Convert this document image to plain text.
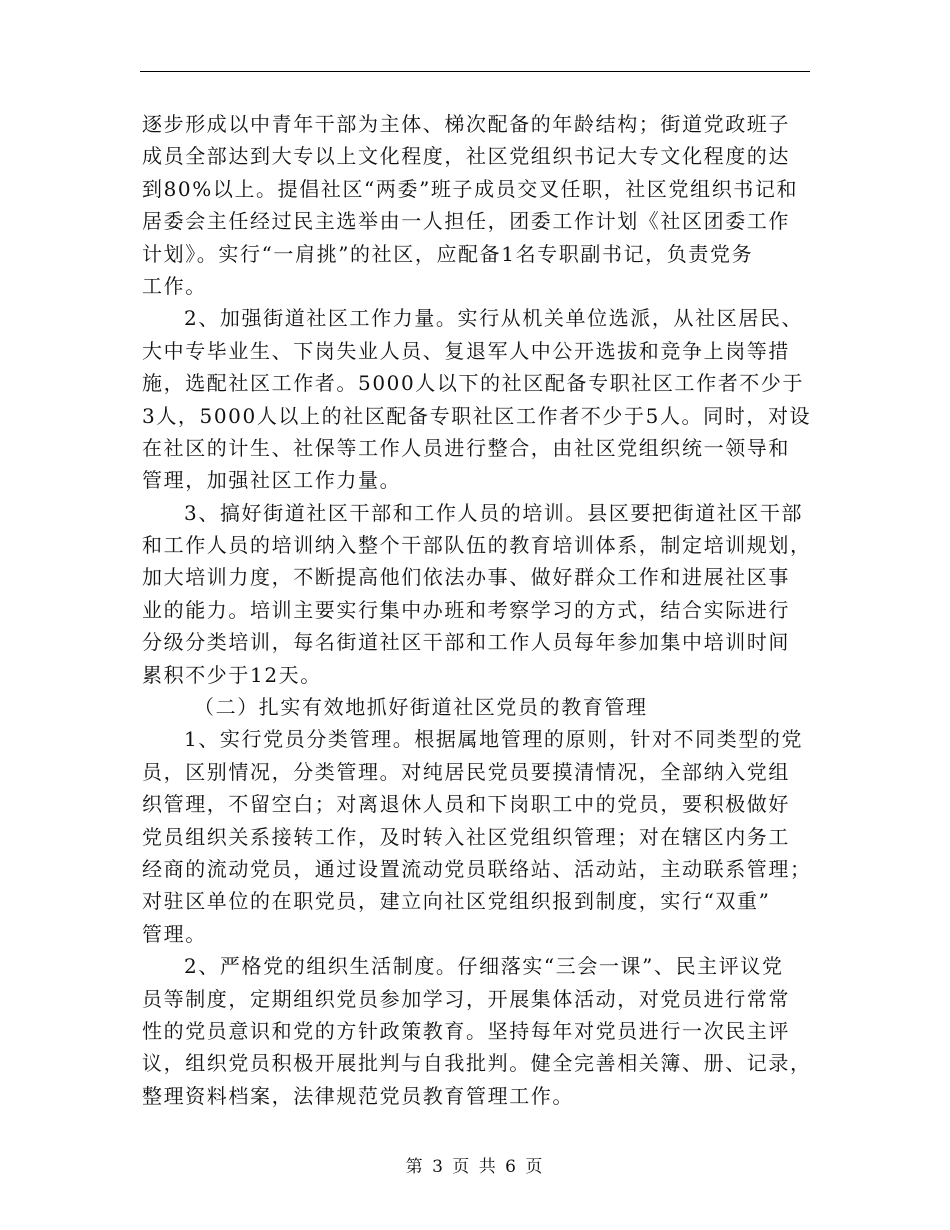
逐步形成以中青年干部为主体、梯次配备的年龄结构；街道党政班子
成员全部达到大专以上文化程度，社区党组织书记大专文化程度的达
到80%以上。提倡社区“两委”班子成员交叉任职，社区党组织书记和
居委会主任经过民主选举由一人担任，团委工作计划《社区团委工作
计划》。实行“一肩挑”的社区，应配备1名专职副书记，负责党务
工作。
2、加强街道社区工作力量。实行从机关单位选派，从社区居民、
大中专毕业生、下岗失业人员、复退军人中公开选拔和竞争上岗等措
施，选配社区工作者。5000人以下的社区配备专职社区工作者不少于
3人，5000人以上的社区配备专职社区工作者不少于5人。同时，对设
在社区的计生、社保等工作人员进行整合，由社区党组织统一领导和
管理，加强社区工作力量。
3、搞好街道社区干部和工作人员的培训。县区要把街道社区干部
和工作人员的培训纳入整个干部队伍的教育培训体系，制定培训规划，
加大培训力度，不断提高他们依法办事、做好群众工作和进展社区事
业的能力。培训主要实行集中办班和考察学习的方式，结合实际进行
分级分类培训，每名街道社区干部和工作人员每年参加集中培训时间
累积不少于12天。
（二）扎实有效地抓好街道社区党员的教育管理
1、实行党员分类管理。根据属地管理的原则，针对不同类型的党
员，区别情况，分类管理。对纯居民党员要摸清情况，全部纳入党组
织管理，不留空白；对离退休人员和下岗职工中的党员，要积极做好
党员组织关系接转工作，及时转入社区党组织管理；对在辖区内务工
经商的流动党员，通过设置流动党员联络站、活动站，主动联系管理；
对驻区单位的在职党员，建立向社区党组织报到制度，实行“双重”
管理。
2、严格党的组织生活制度。仔细落实“三会一课”、民主评议党
员等制度，定期组织党员参加学习，开展集体活动，对党员进行常常
性的党员意识和党的方针政策教育。坚持每年对党员进行一次民主评
议，组织党员积极开展批判与自我批判。健全完善相关簿、册、记录，
整理资料档案，法律规范党员教育管理工作。
第 3 页 共 6 页
